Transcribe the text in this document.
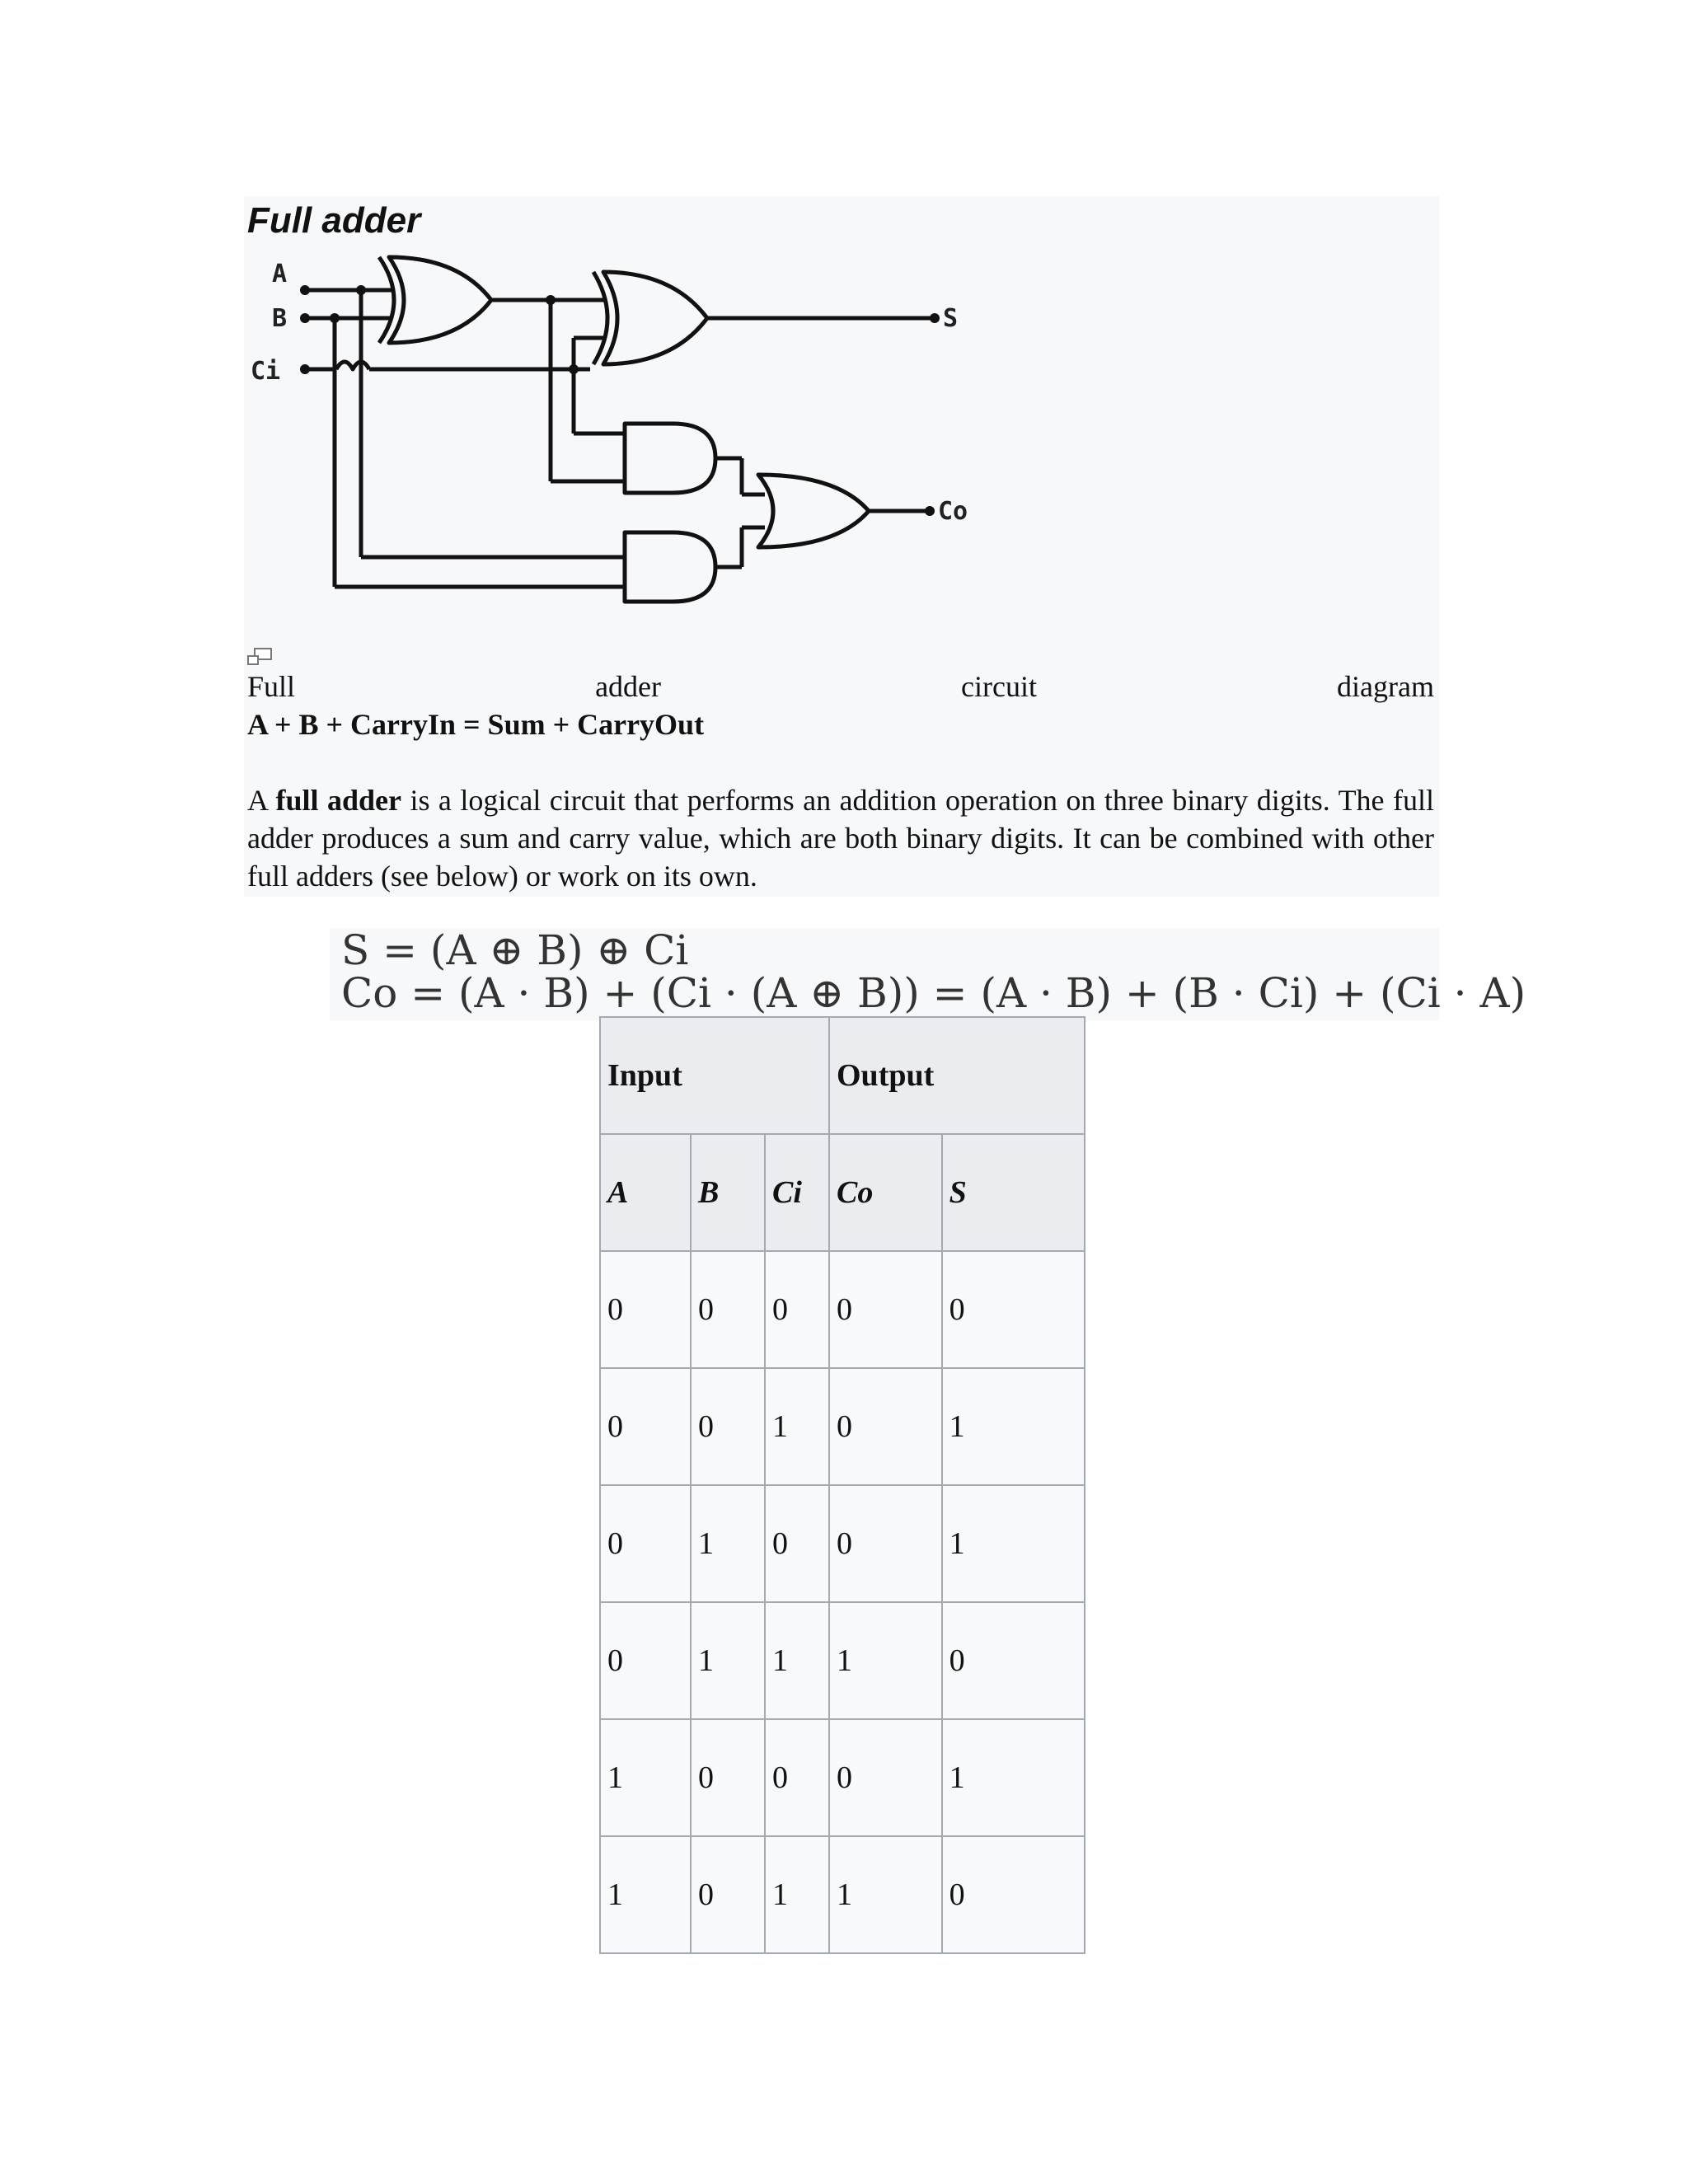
Full adder
A
B
Ci
S
Co
Full	adder	circuit	diagram
A + B + CarryIn = Sum + CarryOut

A full adder is a logical circuit that performs an addition operation on three binary digits. The full adder produces a sum and carry value, which are both binary digits. It can be combined with other full adders (see below) or work on its own.

S = (A ⊕ B) ⊕ Ci
Co = (A · B) + (Ci · (A ⊕ B)) = (A · B) + (B · Ci) + (Ci · A)
Input			Output	
A	B	Ci	Co	S
0	0	0	0	0
0	0	1	0	1
0	1	0	0	1
0	1	1	1	0
1	0	0	0	1
1	0	1	1	0
